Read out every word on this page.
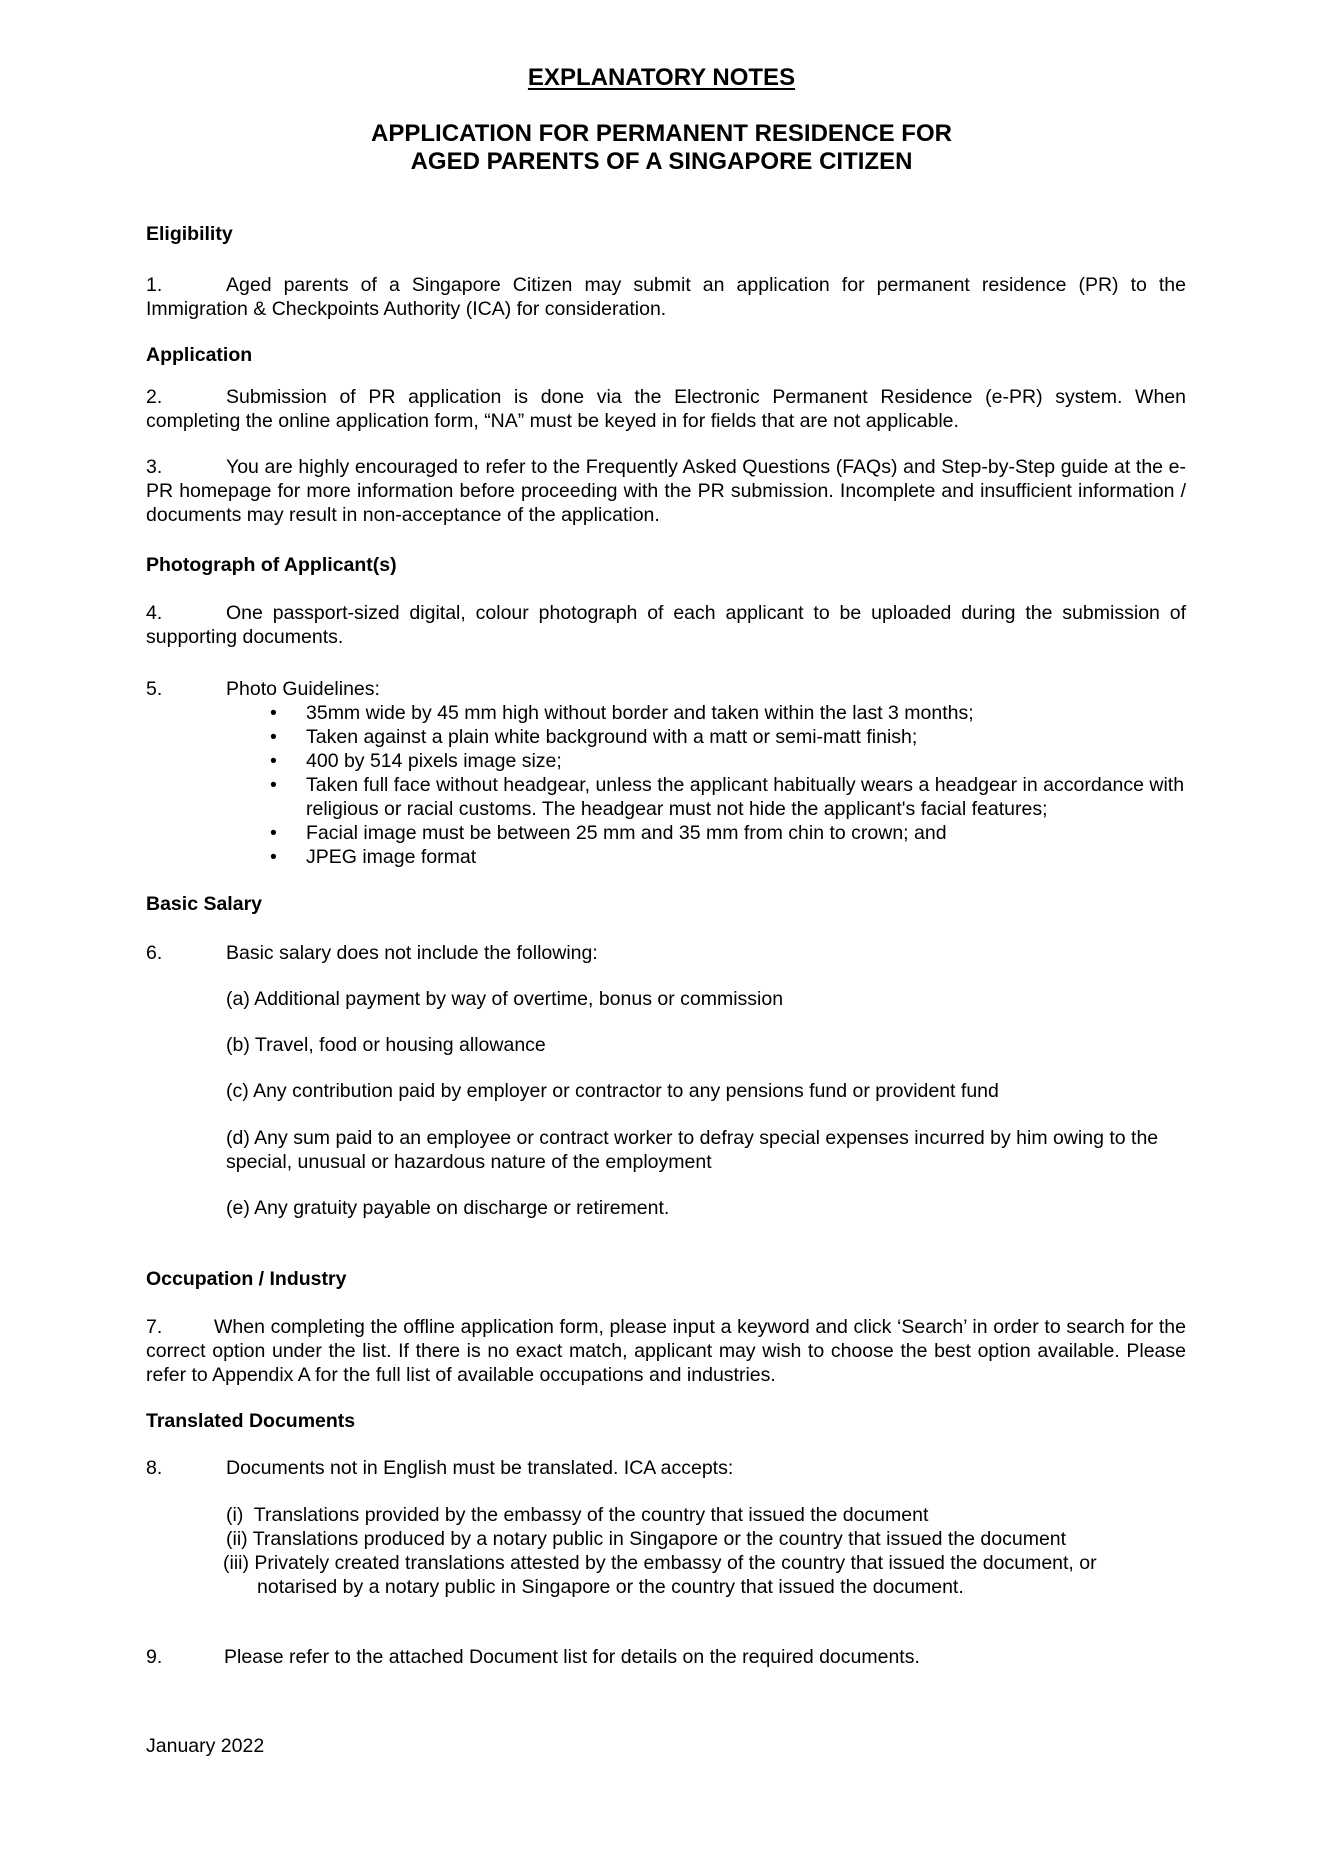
EXPLANATORY NOTES
APPLICATION FOR PERMANENT RESIDENCE FOR
AGED PARENTS OF A SINGAPORE CITIZEN
Eligibility
1.	Aged parents of a Singapore Citizen may submit an application for permanent residence (PR) to the Immigration & Checkpoints Authority (ICA) for consideration.
Application
2.	Submission of PR application is done via the Electronic Permanent Residence (e-PR) system. When completing the online application form, “NA” must be keyed in for fields that are not applicable.
3.	You are highly encouraged to refer to the Frequently Asked Questions (FAQs) and Step-by-Step guide at the e-PR homepage for more information before proceeding with the PR submission. Incomplete and insufficient information / documents may result in non-acceptance of the application.
Photograph of Applicant(s)
4.	One passport-sized digital, colour photograph of each applicant to be uploaded during the submission of supporting documents.
5.	Photo Guidelines:
• 35mm wide by 45 mm high without border and taken within the last 3 months;
• Taken against a plain white background with a matt or semi-matt finish;
• 400 by 514 pixels image size;
• Taken full face without headgear, unless the applicant habitually wears a headgear in accordance with religious or racial customs. The headgear must not hide the applicant's facial features;
• Facial image must be between 25 mm and 35 mm from chin to crown; and
• JPEG image format
Basic Salary
6.	Basic salary does not include the following:
(a) Additional payment by way of overtime, bonus or commission
(b) Travel, food or housing allowance
(c) Any contribution paid by employer or contractor to any pensions fund or provident fund
(d) Any sum paid to an employee or contract worker to defray special expenses incurred by him owing to the special, unusual or hazardous nature of the employment
(e) Any gratuity payable on discharge or retirement.
Occupation / Industry
7.	When completing the offline application form, please input a keyword and click ‘Search’ in order to search for the correct option under the list. If there is no exact match, applicant may wish to choose the best option available. Please refer to Appendix A for the full list of available occupations and industries.
Translated Documents
8.	Documents not in English must be translated. ICA accepts:
(i)  Translations provided by the embassy of the country that issued the document
(ii) Translations produced by a notary public in Singapore or the country that issued the document
(iii) Privately created translations attested by the embassy of the country that issued the document, or
notarised by a notary public in Singapore or the country that issued the document.
9.	Please refer to the attached Document list for details on the required documents.
January 2022
